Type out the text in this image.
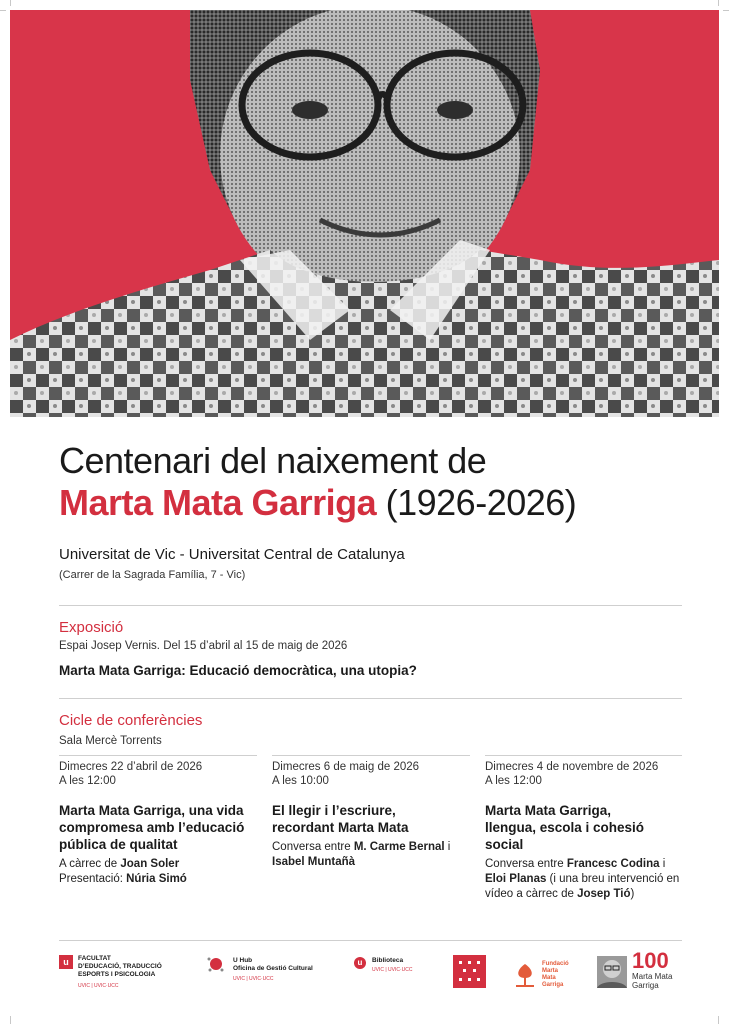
Centenari del naixement de
Marta Mata Garriga (1926-2026)
Universitat de Vic - Universitat Central de Catalunya
(Carrer de la Sagrada Família, 7 - Vic)
Exposició
Espai Josep Vernis. Del 15 d’abril al 15 de maig de 2026
Marta Mata Garriga: Educació democràtica, una utopia?
Cicle de conferències
Sala Mercè Torrents
Dimecres 22 d’abril de 2026
A les 12:00
Marta Mata Garriga, una vida compromesa amb l’educació pública de qualitat
A càrrec de Joan Soler
Presentació: Núria Simó
Dimecres 6 de maig de 2026
A les 10:00
El llegir i l’escriure, recordant Marta Mata
Conversa entre M. Carme Bernal i Isabel Muntañà
Dimecres 4 de novembre de 2026
A les 12:00
Marta Mata Garriga, llengua, escola i cohesió social
Conversa entre Francesc Codina i Eloi Planas (i una breu intervenció en vídeo a càrrec de Josep Tió)
u	FACULTAT
D’EDUCACIÓ, TRADUCCIÓ
ESPORTS I PSICOLOGIA
UVIC | UVIC·UCC
U Hub
Oficina de Gestió Cultural
UVIC | UVIC·UCC
u	Biblioteca
UVIC | UVIC·UCC
Fundació
Marta
Mata
Garriga
100
Marta Mata
Garriga
